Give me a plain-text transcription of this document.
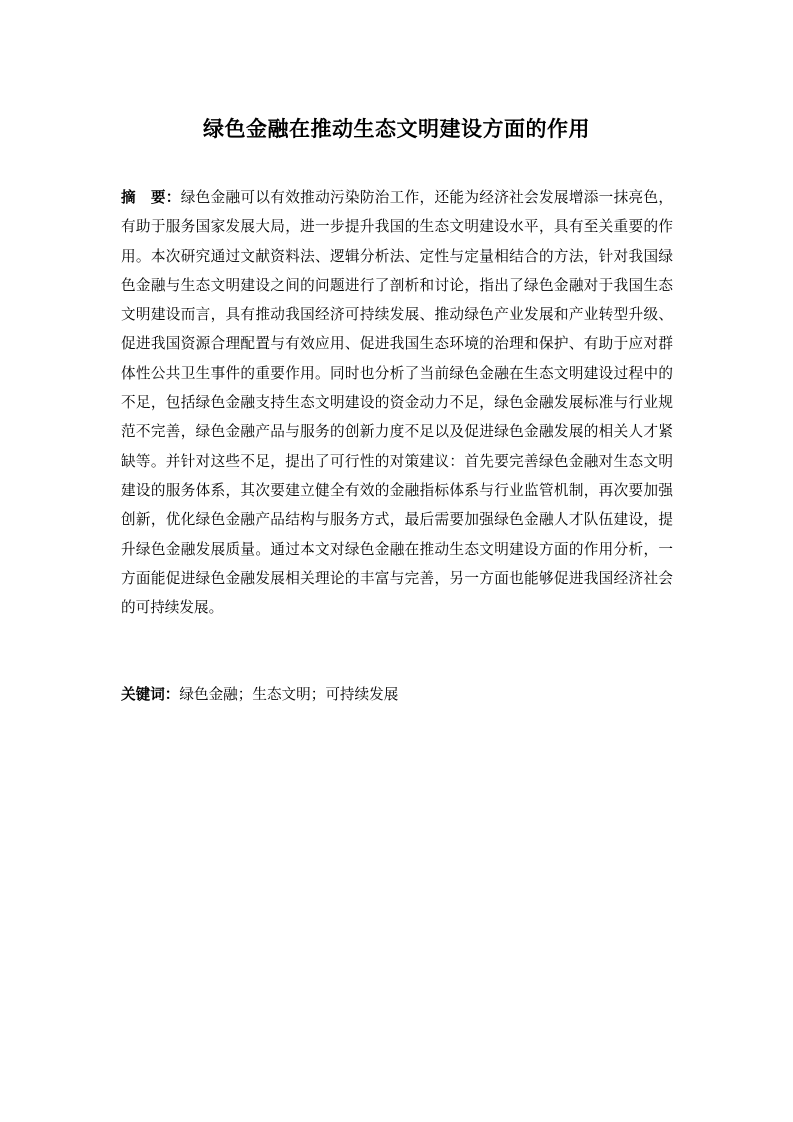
绿色金融在推动生态文明建设方面的作用

摘　要：绿色金融可以有效推动污染防治工作，还能为经济社会发展增添一抹亮色，有助于服务国家发展大局，进一步提升我国的生态文明建设水平，具有至关重要的作用。本次研究通过文献资料法、逻辑分析法、定性与定量相结合的方法，针对我国绿色金融与生态文明建设之间的问题进行了剖析和讨论，指出了绿色金融对于我国生态文明建设而言，具有推动我国经济可持续发展、推动绿色产业发展和产业转型升级、促进我国资源合理配置与有效应用、促进我国生态环境的治理和保护、有助于应对群体性公共卫生事件的重要作用。同时也分析了当前绿色金融在生态文明建设过程中的不足，包括绿色金融支持生态文明建设的资金动力不足，绿色金融发展标准与行业规范不完善，绿色金融产品与服务的创新力度不足以及促进绿色金融发展的相关人才紧缺等。并针对这些不足，提出了可行性的对策建议：首先要完善绿色金融对生态文明建设的服务体系，其次要建立健全有效的金融指标体系与行业监管机制，再次要加强创新，优化绿色金融产品结构与服务方式，最后需要加强绿色金融人才队伍建设，提升绿色金融发展质量。通过本文对绿色金融在推动生态文明建设方面的作用分析，一方面能促进绿色金融发展相关理论的丰富与完善，另一方面也能够促进我国经济社会的可持续发展。

关键词：绿色金融；生态文明；可持续发展
